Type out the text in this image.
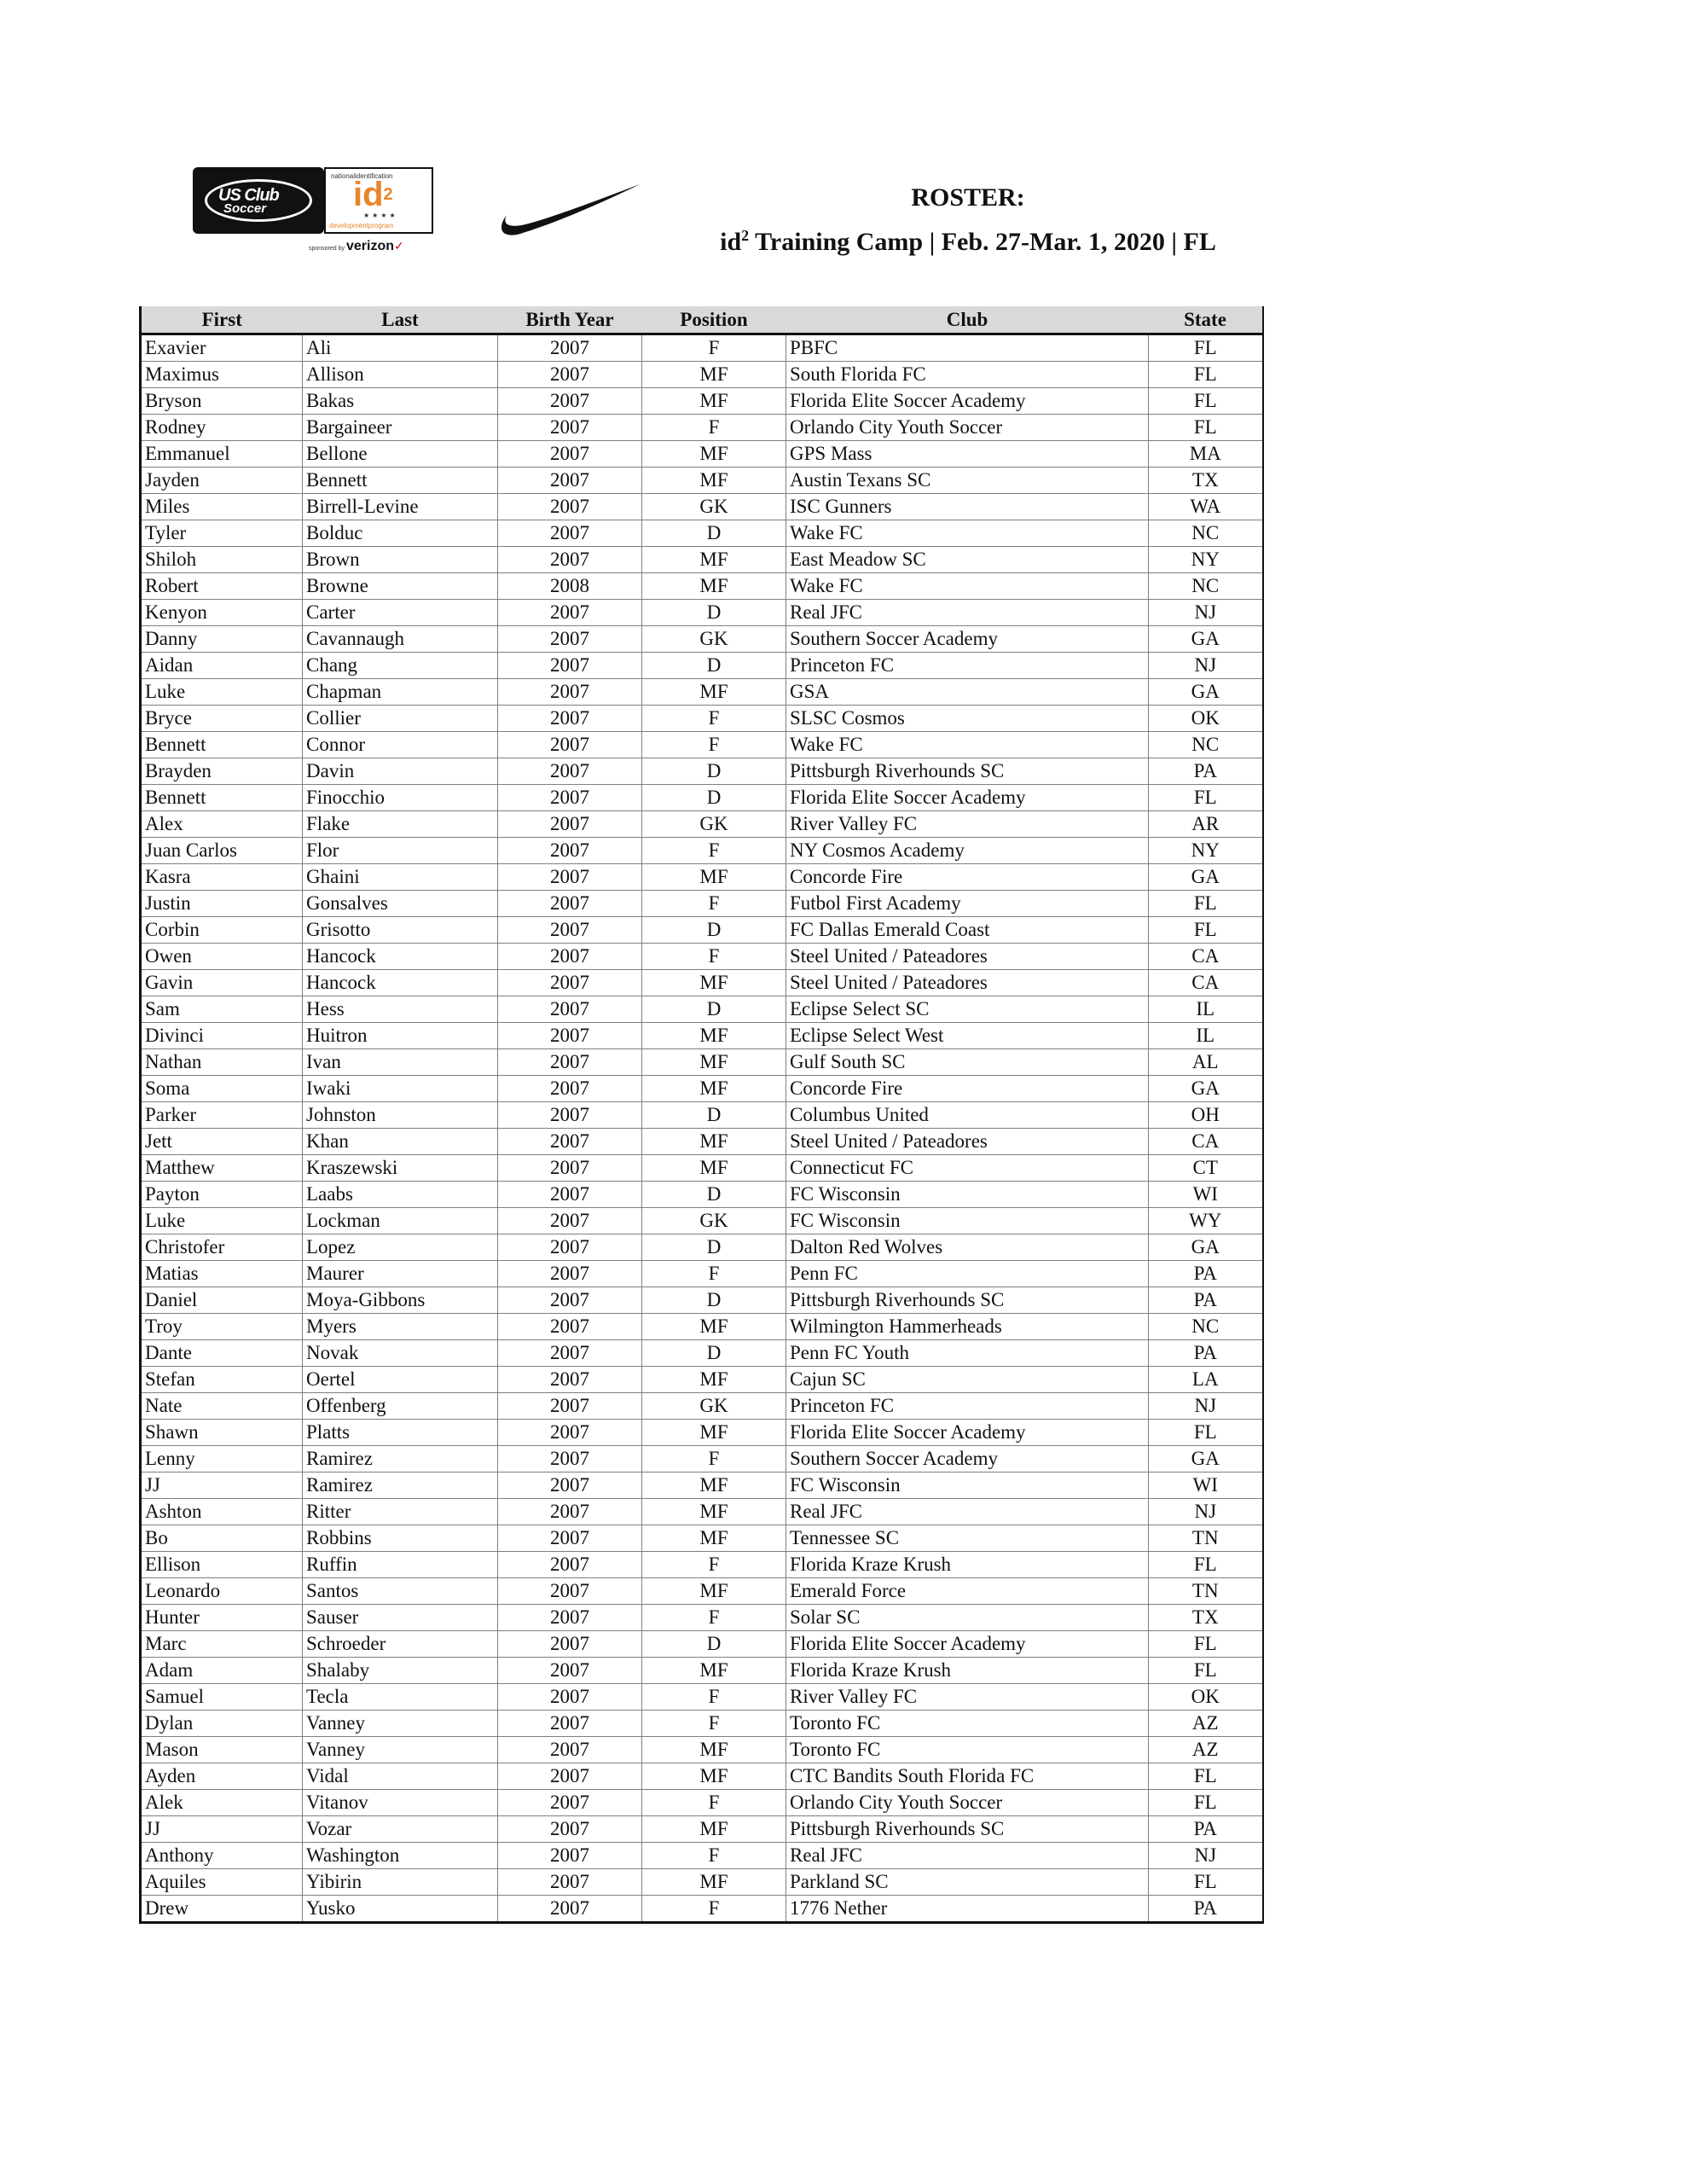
US Club
Soccer
nationalidentification
$id^2$
★★★★
developmentprogram
sponsored by verizon✓
ROSTER:
$id^2$ Training Camp | Feb. 27-Mar. 1, 2020 | FL
First	Last	Birth Year	Position	Club	State
Exavier	Ali	2007	F	PBFC	FL
Maximus	Allison	2007	MF	South Florida FC	FL
Bryson	Bakas	2007	MF	Florida Elite Soccer Academy	FL
Rodney	Bargaineer	2007	F	Orlando City Youth Soccer	FL
Emmanuel	Bellone	2007	MF	GPS Mass	MA
Jayden	Bennett	2007	MF	Austin Texans SC	TX
Miles	Birrell-Levine	2007	GK	ISC Gunners	WA
Tyler	Bolduc	2007	D	Wake FC	NC
Shiloh	Brown	2007	MF	East Meadow SC	NY
Robert	Browne	2008	MF	Wake FC	NC
Kenyon	Carter	2007	D	Real JFC	NJ
Danny	Cavannaugh	2007	GK	Southern Soccer Academy	GA
Aidan	Chang	2007	D	Princeton FC	NJ
Luke	Chapman	2007	MF	GSA	GA
Bryce	Collier	2007	F	SLSC Cosmos	OK
Bennett	Connor	2007	F	Wake FC	NC
Brayden	Davin	2007	D	Pittsburgh Riverhounds SC	PA
Bennett	Finocchio	2007	D	Florida Elite Soccer Academy	FL
Alex	Flake	2007	GK	River Valley FC	AR
Juan Carlos	Flor	2007	F	NY Cosmos Academy	NY
Kasra	Ghaini	2007	MF	Concorde Fire	GA
Justin	Gonsalves	2007	F	Futbol First Academy	FL
Corbin	Grisotto	2007	D	FC Dallas Emerald Coast	FL
Owen	Hancock	2007	F	Steel United / Pateadores	CA
Gavin	Hancock	2007	MF	Steel United / Pateadores	CA
Sam	Hess	2007	D	Eclipse Select SC	IL
Divinci	Huitron	2007	MF	Eclipse Select West	IL
Nathan	Ivan	2007	MF	Gulf South SC	AL
Soma	Iwaki	2007	MF	Concorde Fire	GA
Parker	Johnston	2007	D	Columbus United	OH
Jett	Khan	2007	MF	Steel United / Pateadores	CA
Matthew	Kraszewski	2007	MF	Connecticut FC	CT
Payton	Laabs	2007	D	FC Wisconsin	WI
Luke	Lockman	2007	GK	FC Wisconsin	WY
Christofer	Lopez	2007	D	Dalton Red Wolves	GA
Matias	Maurer	2007	F	Penn FC	PA
Daniel	Moya-Gibbons	2007	D	Pittsburgh Riverhounds SC	PA
Troy	Myers	2007	MF	Wilmington Hammerheads	NC
Dante	Novak	2007	D	Penn FC Youth	PA
Stefan	Oertel	2007	MF	Cajun SC	LA
Nate	Offenberg	2007	GK	Princeton FC	NJ
Shawn	Platts	2007	MF	Florida Elite Soccer Academy	FL
Lenny	Ramirez	2007	F	Southern Soccer Academy	GA
JJ	Ramirez	2007	MF	FC Wisconsin	WI
Ashton	Ritter	2007	MF	Real JFC	NJ
Bo	Robbins	2007	MF	Tennessee SC	TN
Ellison	Ruffin	2007	F	Florida Kraze Krush	FL
Leonardo	Santos	2007	MF	Emerald Force	TN
Hunter	Sauser	2007	F	Solar SC	TX
Marc	Schroeder	2007	D	Florida Elite Soccer Academy	FL
Adam	Shalaby	2007	MF	Florida Kraze Krush	FL
Samuel	Tecla	2007	F	River Valley FC	OK
Dylan	Vanney	2007	F	Toronto FC	AZ
Mason	Vanney	2007	MF	Toronto FC	AZ
Ayden	Vidal	2007	MF	CTC Bandits South Florida FC	FL
Alek	Vitanov	2007	F	Orlando City Youth Soccer	FL
JJ	Vozar	2007	MF	Pittsburgh Riverhounds SC	PA
Anthony	Washington	2007	F	Real JFC	NJ
Aquiles	Yibirin	2007	MF	Parkland SC	FL
Drew	Yusko	2007	F	1776 Nether	PA
